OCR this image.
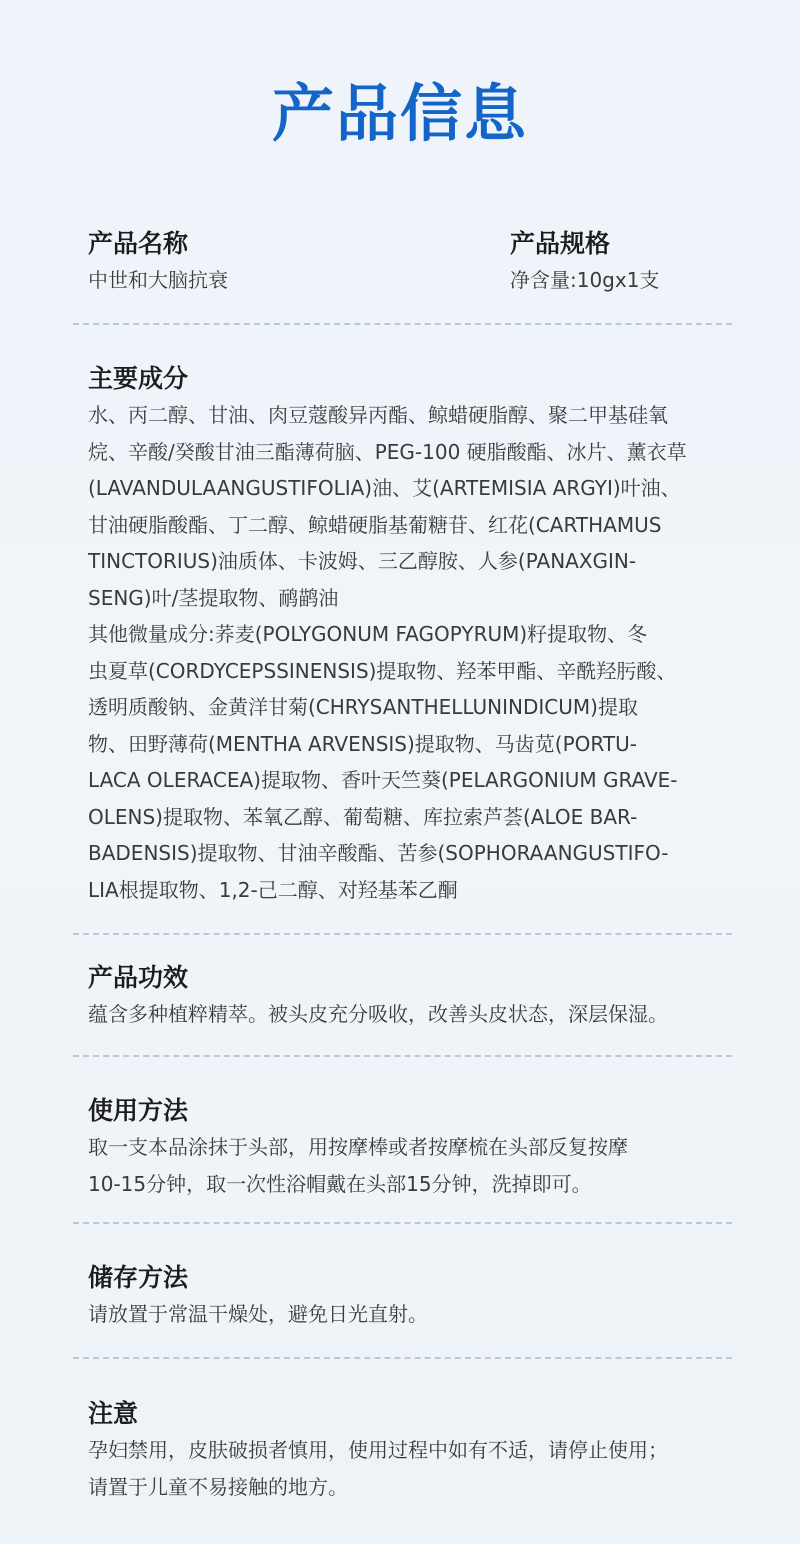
产品信息

产品名称

中世和大脑抗衰

产品规格

净含量:10gx1支

主要成分

水、丙二醇、甘油、肉豆蔻酸异丙酯、鲸蜡硬脂醇、聚二甲基硅氧

烷、辛酸/癸酸甘油三酯薄荷脑、PEG-100 硬脂酸酯、冰片、薰衣草

(LAVANDULAANGUSTIFOLIA)油、艾(ARTEMISIA ARGYI)叶油、

甘油硬脂酸酯、丁二醇、鲸蜡硬脂基葡糖苷、红花(CARTHAMUS

TINCTORIUS)油质体、卡波姆、三乙醇胺、人参(PANAXGIN-

SENG)叶/茎提取物、鸸鹋油

其他微量成分:荞麦(POLYGONUM FAGOPYRUM)籽提取物、冬

虫夏草(CORDYCEPSSINENSIS)提取物、羟苯甲酯、辛酰羟肟酸、

透明质酸钠、金黄洋甘菊(CHRYSANTHELLUNINDICUM)提取

物、田野薄荷(MENTHA ARVENSIS)提取物、马齿苋(PORTU-

LACA OLERACEA)提取物、香叶天竺葵(PELARGONIUM GRAVE-

OLENS)提取物、苯氧乙醇、葡萄糖、库拉索芦荟(ALOE BAR-

BADENSIS)提取物、甘油辛酸酯、苦参(SOPHORAANGUSTIFO-

LIA根提取物、1,2-己二醇、对羟基苯乙酮

产品功效

蕴含多种植粹精萃。被头皮充分吸收，改善头皮状态，深层保湿。

使用方法

取一支本品涂抹于头部，用按摩棒或者按摩梳在头部反复按摩

10-15分钟，取一次性浴帽戴在头部15分钟，洗掉即可。

储存方法

请放置于常温干燥处，避免日光直射。

注意

孕妇禁用，皮肤破损者慎用，使用过程中如有不适，请停止使用；

请置于儿童不易接触的地方。
